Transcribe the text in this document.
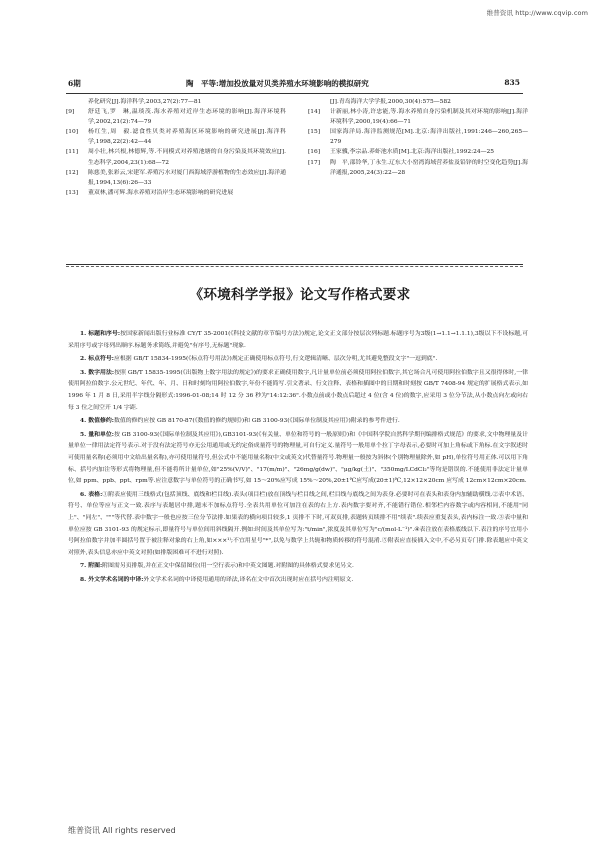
维普资讯 http://www.cqvip.com
6期	陶　平等:增加投放量对贝类养殖水环境影响的模拟研究	835
养化研究[J].海洋科学,2003,27(2):77—81
[9]	舒廷飞,罗　琳,温琰茂.海水养殖对近岸生态环境的影响[J].海洋环境科学,2002,21(2):74—79
[10]	杨红生,周　毅.滤食性贝类对养殖海区环境影响的研究进展[J].海洋科学,1998,22(2):42—44
[11]	周小壮,林兴根,林德辉,等.不同模式对养殖池塘的自身污染及其环境效应[J].生态科学,2004,23(1):68—72
[12]	陈慈美,张彩云,宋建军.养殖污水对厦门西海域浮游植物的生态效应[J].海洋通报,1994,13(6):26—33
[13]	董双林,潘可辉.海水养殖对沿岸生态环境影响的研究进展
[J].青岛海洋大学学报,2000,30(4):575—582
[14]	计新丽,林小涛,许忠能,等.海水养殖自身污染机制及其对环境的影响[J].海洋环境科学,2000,19(4):66—71
[15]	国家海洋局.海洋监测规范[M].北京:海洋出版社,1991:246—260,265—279
[16]	王家骥,李宗品.养虾池水质[M].北京:海洋出版社,1992:24—25
[17]	陶　平,邵铃华,丁永生.辽东大小窑湾海域营养盐及铅锌的时空变化趋势[J].海洋通报,2005,24(3):22—28
《环境科学学报》论文写作格式要求

1. 标题和序号:按国家新闻出版行业标准 CY/T 35-2001(《科技文献的章节编号方法》)规定,论文正文部分按层次列标题.标题序号为3级(1→1.1→1.1.1),3级以下不设标题,可采用序号或字母列出顺序.标题务求简练,并避免"有序号,无标题"现象.

2. 标点符号:应根据 GB/T 15834-1995(《标点符号用法》)规定正确使用标点符号,行文逻辑清晰、层次分明,尤其避免整段文字"一逗到底".

3. 数字用法:按照 GB/T 15835-1995(《出版物上数字用法的规定》)的要求正确使用数字,凡计量单位前必须使用阿拉伯数字,其它场合凡可使用阿拉伯数字且又很得体时,一律使用阿拉伯数字.公元世纪、年代、年、月、日和时刻均用阿拉伯数字,年份不能简写.引文著录、行文注释、表格和插图中的日期和时刻按 GB/T 7408-94 规定的扩展格式表示,如 1996 年 1 月 8 日,采用半字线分隔形式:1996-01-08;14 时 12 分 36 秒为"14:12:36".小数点前或小数点后超过 4 位(含 4 位)的数字,应采用 3 位分节法,从小数点向左或向右每 3 位之间空开 1/4 字距.

4. 数值修约:数值的修约应按 GB 8170-87(《数值的修约规则》)和 GB 3100-93(《国际单位制及其应用》)附录的参考件进行.

5. 量和单位:按 GB 3100-93(《国际单位制及其应用》),GB3101-93(《有关量、单位和符号的一般原则》)和《中国科学院自然科学期刊编排格式规范》的要求,文中物理量及计量单位一律用法定符号表示.对于没有法定符号亦无公用通用或无约定俗成量符号的物理量,可自行定义.量符号一般用单个拉丁字母表示,必要时可加上角标或下角标.在文字叙述时可使用量名称(必须用中文给出量名称),亦可使用量符号,但公式中不能用量名称(中文或英文)代替量符号.物理量一般按为斜体(个别物理量除外,如 pH),单位符号用正体.可以用下角标、括号内加注等形式将物理量,但不能将所计量单位,如"25%(V/V)"、"17(m/m)"、"26mg/g(dw)"、"μg/kg(土)"、"350mg/LCdCl₂"等均是错误的.不能使用非法定计量单位,如 ppm、ppb、ppt、rpm等.应注意数字与单位符号的正确书写,如 15～20%应写成 15%～20%,20±1℃应写成(20±1)℃,12×12×20cm 应写成 12cm×12cm×20cm.

6. 表格:①附表应使用三线格式(包括顶线、底线和栏目线).表头(项目栏)放在顶线与栏目线之间,栏目线与底线之间为表身.必要时可在表头和表身内加辅助横线.②表中术语、符号、单位等应与正文一致.表序与表题居中排,题末不加标点符号.全表共用单位可加注在表的右上方.表内数字要对齐,不能错行错位.相邻栏内容数字或内容相同,不能用"同上"、"同左"、"""等代替.表中数字一般也应按三位分节法排.如果表的横向项目较多,1 页排不下时,可双页排,表题转页续排不用"续表".续表应重复表头,表内标注一致.③表中量和单位应按 GB 3101-93 的规定标示,即量符号与单位间用斜线隔开.例如:时间及其单位写为:"t/min",浓度及其单位写为"c/(mol·L⁻¹)".④表注放在表格底线以下.表注的序号宜用小号阿拉伯数字并加半圆括号置于被注释对象的右上角,如×××¹⁾;不宜用星号"*",以免与数学上共轭和物质转移的符号混淆.⑤附表应直接插入文中,不必另页专门排.除表题应中英文对照外,表头信息亦应中英文对照(如排版困难可不进行对照).

7. 附图:附图需另页排版,并在正文中保留图位(用一空行表示)和中英文图题.对附图的具体格式要求见另文.

8. 外文学术名词的中译:外文学术名词的中译使用通用的译法,译名在文中首次出现时应在括号内注明原文.

维普资讯 All rights reserved
